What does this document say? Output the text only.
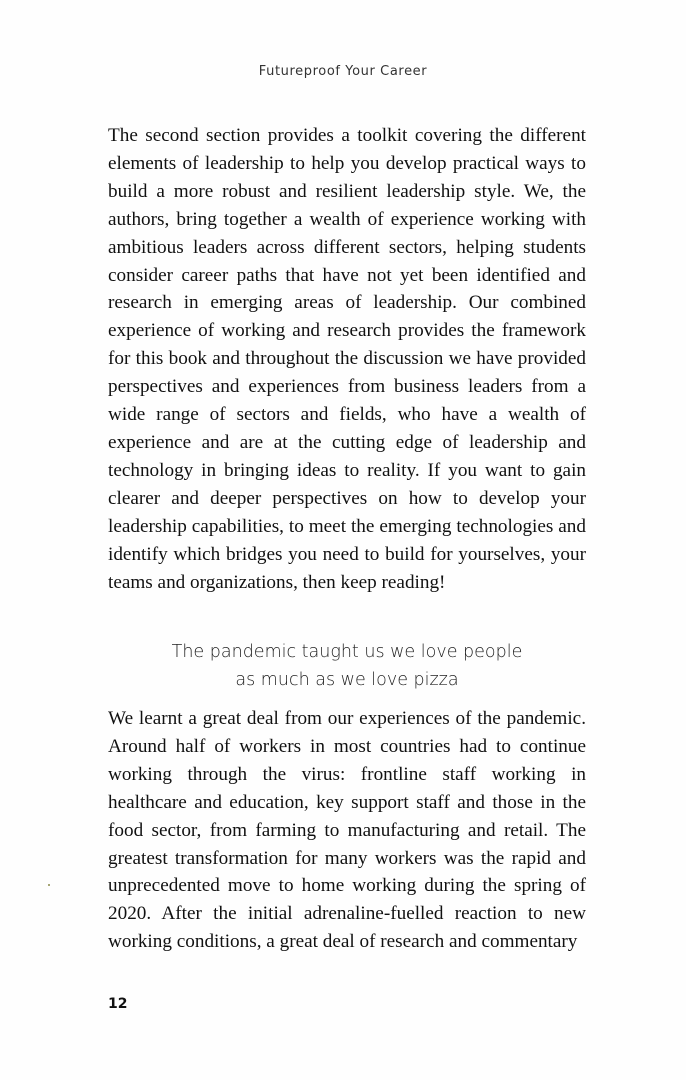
Futureproof Your Career

The second section provides a toolkit covering the different elements of leadership to help you develop practical ways to build a more robust and resilient leadership style. We, the authors, bring together a wealth of experience working with ambitious leaders across different sectors, helping students consider career paths that have not yet been identified and research in emerging areas of leadership. Our combined experience of working and research provides the framework for this book and throughout the discussion we have provided perspectives and experiences from business leaders from a wide range of sectors and fields, who have a wealth of experience and are at the cutting edge of leadership and technology in bringing ideas to reality. If you want to gain clearer and deeper perspectives on how to develop your leadership capabilities, to meet the emerging technologies and identify which bridges you need to build for yourselves, your teams and organizations, then keep reading!

The pandemic taught us we love people
as much as we love pizza

We learnt a great deal from our experiences of the pandemic. Around half of workers in most countries had to continue working through the virus: frontline staff working in healthcare and education, key support staff and those in the food sector, from farming to manufacturing and retail. The greatest transformation for many workers was the rapid and unprecedented move to home working during the spring of 2020. After the initial adrenaline-fuelled reaction to new working conditions, a great deal of research and commentary

12
